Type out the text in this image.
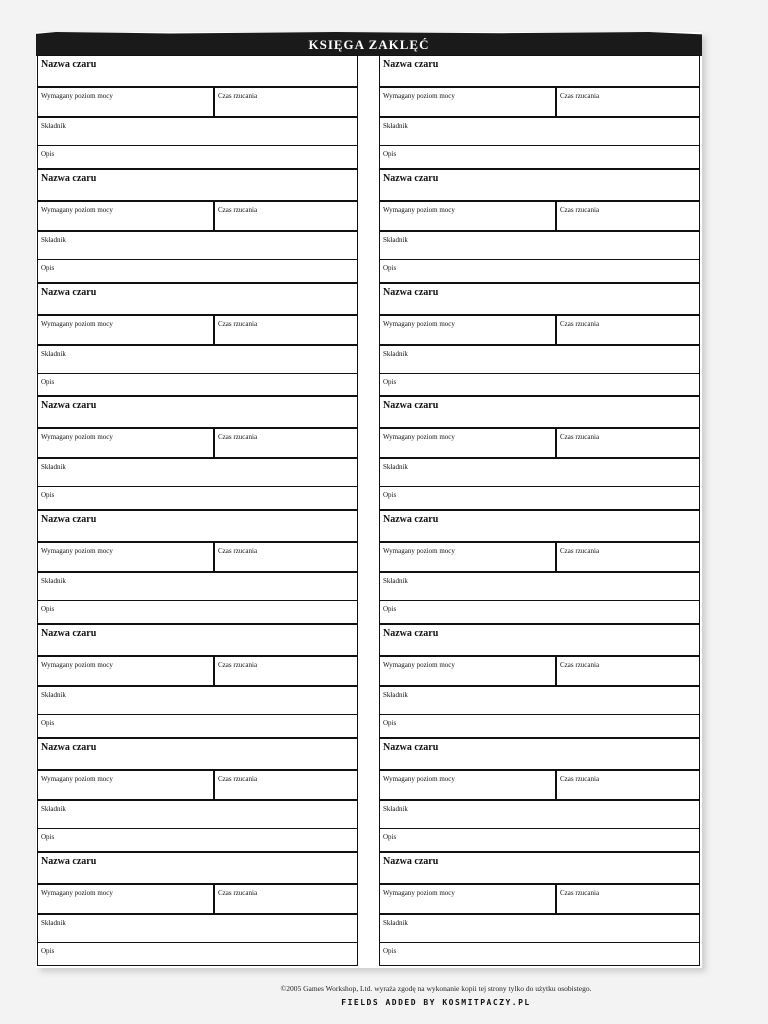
KSIĘGA ZAKLĘĆ
Nazwa czaru
Wymagany poziom mocy	Czas rzucania
Składnik
Opis
Nazwa czaru
Wymagany poziom mocy	Czas rzucania
Składnik
Opis
Nazwa czaru
Wymagany poziom mocy	Czas rzucania
Składnik
Opis
Nazwa czaru
Wymagany poziom mocy	Czas rzucania
Składnik
Opis
Nazwa czaru
Wymagany poziom mocy	Czas rzucania
Składnik
Opis
Nazwa czaru
Wymagany poziom mocy	Czas rzucania
Składnik
Opis
Nazwa czaru
Wymagany poziom mocy	Czas rzucania
Składnik
Opis
Nazwa czaru
Wymagany poziom mocy	Czas rzucania
Składnik
Opis
Nazwa czaru
Wymagany poziom mocy	Czas rzucania
Składnik
Opis
Nazwa czaru
Wymagany poziom mocy	Czas rzucania
Składnik
Opis
Nazwa czaru
Wymagany poziom mocy	Czas rzucania
Składnik
Opis
Nazwa czaru
Wymagany poziom mocy	Czas rzucania
Składnik
Opis
Nazwa czaru
Wymagany poziom mocy	Czas rzucania
Składnik
Opis
Nazwa czaru
Wymagany poziom mocy	Czas rzucania
Składnik
Opis
Nazwa czaru
Wymagany poziom mocy	Czas rzucania
Składnik
Opis
Nazwa czaru
Wymagany poziom mocy	Czas rzucania
Składnik
Opis
©2005 Games Workshop, Ltd. wyraża zgodę na wykonanie kopii tej strony tylko do użytku osobistego.
FIELDS ADDED BY KOSMITPACZY.PL
